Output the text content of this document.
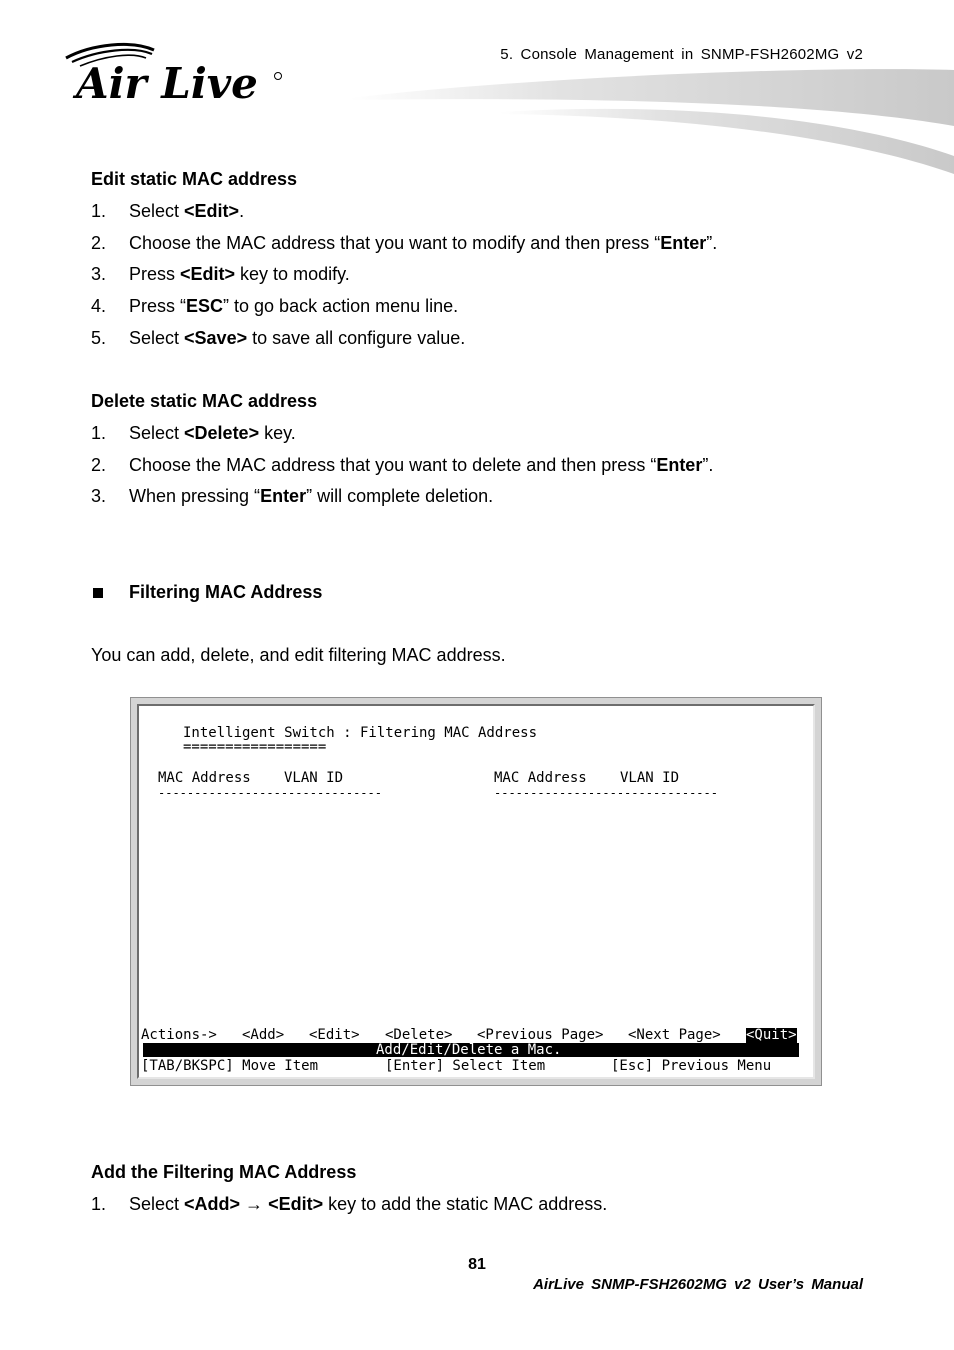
Air Live
5. Console Management in SNMP-FSH2602MG v2
Edit static MAC address
1. Select <Edit>.
2. Choose the MAC address that you want to modify and then press “Enter”.
3. Press <Edit> key to modify.
4. Press “ESC” to go back action menu line.
5. Select <Save> to save all configure value.
Delete static MAC address
1. Select <Delete> key.
2. Choose the MAC address that you want to delete and then press “Enter”.
3. When pressing “Enter” will complete deletion.
Filtering MAC Address
You can add, delete, and edit filtering MAC address.
Intelligent Switch : Filtering MAC Address
=================
MAC Address VLAN ID	MAC Address VLAN ID
-------------------------------	-------------------------------
Actions-> <Add> <Edit> <Delete> <Previous Page> <Next Page> <Quit>
Add/Edit/Delete a Mac.
[TAB/BKSPC] Move Item	[Enter] Select Item	[Esc] Previous Menu
Add the Filtering MAC Address
1. Select <Add> → <Edit> key to add the static MAC address.
81
AirLive SNMP-FSH2602MG v2 User’s Manual
